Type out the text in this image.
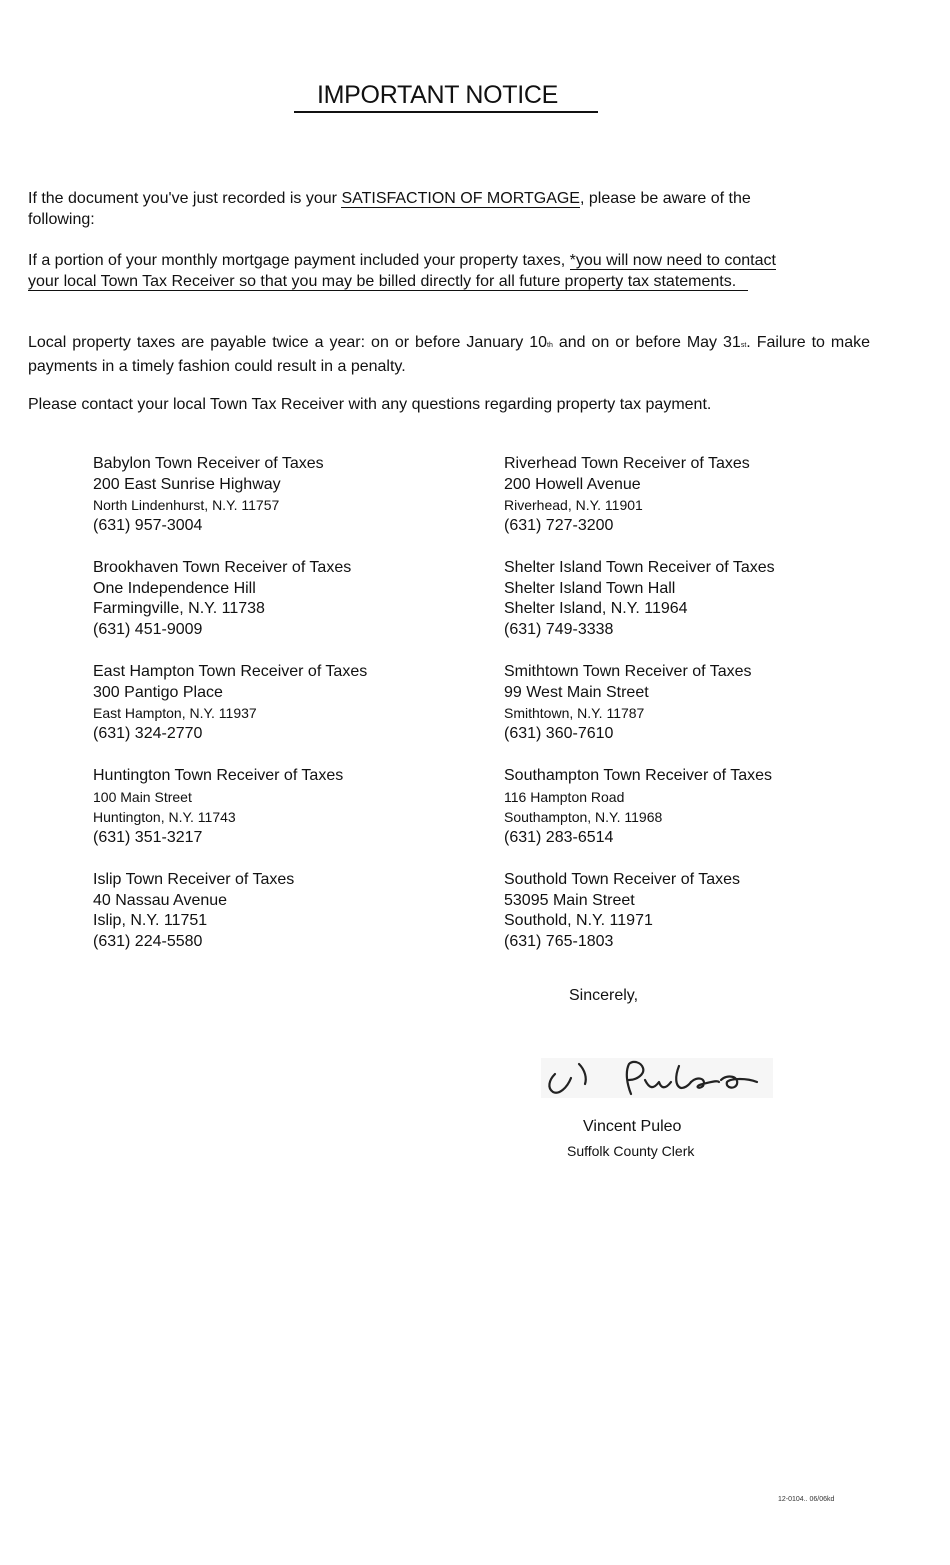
IMPORTANT NOTICE
If the document you've just recorded is your SATISFACTION OF MORTGAGE, please be aware of the following:
If a portion of your monthly mortgage payment included your property taxes, *you will now need to contact your local Town Tax Receiver so that you may be billed directly for all future property tax statements.
Local property taxes are payable twice a year: on or before January 10th and on or before May 31st. Failure to make payments in a timely fashion could result in a penalty.
Please contact your local Town Tax Receiver with any questions regarding property tax payment.
Babylon Town Receiver of Taxes
200 East Sunrise Highway
North Lindenhurst, N.Y. 11757
(631) 957-3004
Brookhaven Town Receiver of Taxes
One Independence Hill
Farmingville, N.Y. 11738
(631) 451-9009
East Hampton Town Receiver of Taxes
300 Pantigo Place
East Hampton, N.Y. 11937
(631) 324-2770
Huntington Town Receiver of Taxes
100 Main Street
Huntington, N.Y. 11743
(631) 351-3217
Islip Town Receiver of Taxes
40 Nassau Avenue
Islip, N.Y. 11751
(631) 224-5580
Riverhead Town Receiver of Taxes
200 Howell Avenue
Riverhead, N.Y. 11901
(631) 727-3200
Shelter Island Town Receiver of Taxes
Shelter Island Town Hall
Shelter Island, N.Y. 11964
(631) 749-3338
Smithtown Town Receiver of Taxes
99 West Main Street
Smithtown, N.Y. 11787
(631) 360-7610
Southampton Town Receiver of Taxes
116 Hampton Road
Southampton, N.Y. 11968
(631) 283-6514
Southold Town Receiver of Taxes
53095 Main Street
Southold, N.Y. 11971
(631) 765-1803
Sincerely,
V Puleo
Vincent Puleo
Suffolk County Clerk
12-0104.. 06/06kd
